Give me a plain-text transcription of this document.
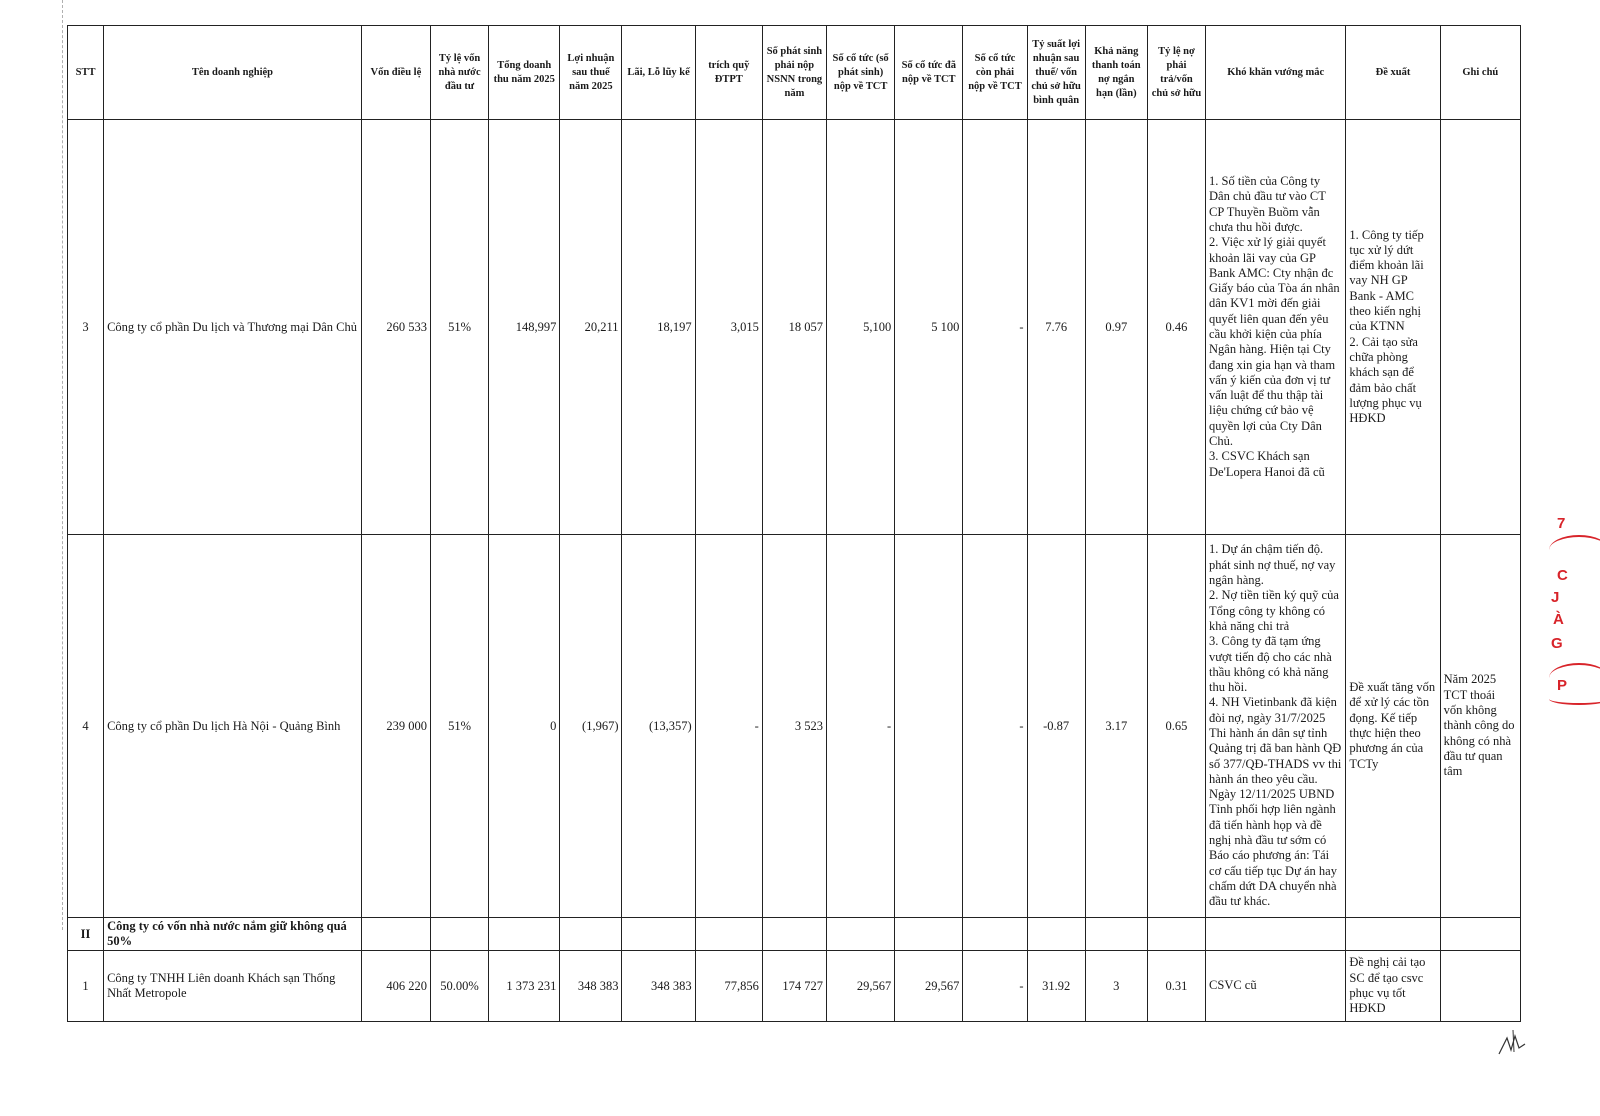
STT	Tên doanh nghiệp	Vốn điều lệ	Tỷ lệ vốn nhà nước đầu tư	Tổng doanh thu năm 2025	Lợi nhuận sau thuế năm 2025	Lãi, Lỗ lũy kế	trích quỹ ĐTPT	Số phát sinh phải nộp NSNN trong năm	Số cổ tức (số phát sinh) nộp về TCT	Số cổ tức đã nộp về TCT	Số cổ tức còn phải nộp về TCT	Tỷ suất lợi nhuận sau thuế/ vốn chủ sở hữu bình quân	Khả năng thanh toán nợ ngắn hạn (lần)	Tỷ lệ nợ phải trả/vốn chủ sở hữu	Khó khăn vướng mắc	Đề xuất	Ghi chú
3	Công ty cổ phần Du lịch và Thương mại Dân Chủ	260 533	51%	148,997	20,211	18,197	3,015	18 057	5,100	5 100	-	7.76	0.97	0.46	1. Số tiền của Công ty Dân chủ đầu tư vào CT CP Thuyền Buồm vẫn chưa thu hồi được.
2. Việc xử lý giải quyết khoản lãi vay của GP Bank AMC: Cty nhận đc Giấy báo của Tòa án nhân dân KV1 mời đến giải quyết liên quan đến yêu cầu khởi kiện của phía Ngân hàng. Hiện tại Cty đang xin gia hạn và tham vấn ý kiến của đơn vị tư vấn luật để thu thập tài liệu chứng cứ bảo vệ quyền lợi của Cty Dân Chủ.
3. CSVC Khách sạn De'Lopera Hanoi đã cũ	1. Công ty tiếp tục xử lý dứt điểm khoản lãi vay NH GP Bank - AMC theo kiến nghị của KTNN
2. Cải tạo sửa chữa phòng khách sạn để đảm bảo chất lượng phục vụ HĐKD	
4	Công ty cổ phần Du lịch Hà Nội - Quảng Bình	239 000	51%	0	(1,967)	(13,357)	-	3 523	-		-	-0.87	3.17	0.65	1. Dự án chậm tiến độ. phát sinh nợ thuế, nợ vay ngân hàng.
2. Nợ tiền tiền ký quỹ của Tổng công ty không có khả năng chi trả
3. Công ty đã tạm ứng vượt tiến độ cho các nhà thầu không có khả năng thu hồi.
4. NH Vietinbank đã kiện đòi nợ, ngày 31/7/2025 Thi hành án dân sự tỉnh Quảng trị đã ban hành QĐ số 377/QĐ-THADS vv thi hành án theo yêu cầu.
Ngày 12/11/2025 UBND Tỉnh phối hợp liên ngành đã tiến hành họp và đề nghị nhà đầu tư sớm có Báo cáo phương án: Tái cơ cấu tiếp tục Dự án hay chấm dứt DA chuyển nhà đầu tư khác.	Đề xuất tăng vốn để xử lý các tồn đọng. Kế tiếp thực hiện theo phương án của TCTy	Năm 2025 TCT thoái vốn không thành công do không có nhà đầu tư quan tâm
II	Công ty có vốn nhà nước nắm giữ không quá 50%																
1	Công ty TNHH Liên doanh Khách sạn Thống Nhất Metropole	406 220	50.00%	1 373 231	348 383	348 383	77,856	174 727	29,567	29,567	-	31.92	3	0.31	CSVC cũ	Đề nghị cải tạo SC để tạo csvc phục vụ tốt HĐKD	
7
C
J
À
G
P
